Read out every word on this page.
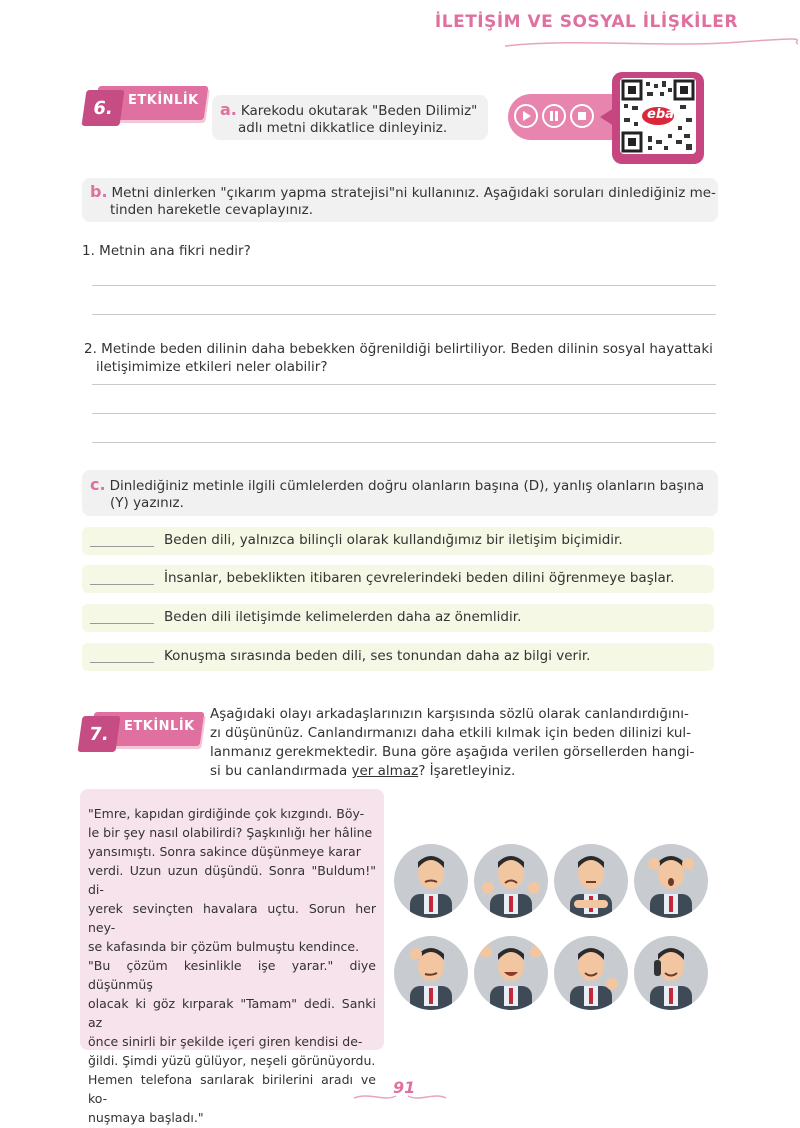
İLETİŞİM VE SOSYAL İLİŞKİLER
6.	ETKİNLİK a. Karekodu okutarak "Beden Dilimiz"
adlı metni dikkatlice dinleyiniz.
eba
b. Metni dinlerken "çıkarım yapma stratejisi"ni kullanınız. Aşağıdaki soruları dinlediğiniz me-
tinden hareketle cevaplayınız.
1. Metnin ana fikri nedir?
2. Metinde beden dilinin daha bebekken öğrenildiği belirtiliyor. Beden dilinin sosyal hayattaki
iletişimimize etkileri neler olabilir?
c. Dinlediğiniz metinle ilgili cümlelerden doğru olanların başına (D), yanlış olanların başına
(Y) yazınız.
Beden dili, yalnızca bilinçli olarak kullandığımız bir iletişim biçimidir.
İnsanlar, bebeklikten itibaren çevrelerindeki beden dilini öğrenmeye başlar.
Beden dili iletişimde kelimelerden daha az önemlidir.
Konuşma sırasında beden dili, ses tonundan daha az bilgi verir.
7.	ETKİNLİK
Aşağıdaki olayı arkadaşlarınızın karşısında sözlü olarak canlandırdığını-
zı düşününüz. Canlandırmanızı daha etkili kılmak için beden dilinizi kul-
lanmanız gerekmektedir. Buna göre aşağıda verilen görsellerden hangi-
si bu canlandırmada yer almaz? İşaretleyiniz.
"Emre, kapıdan girdiğinde çok kızgındı. Böy-
le bir şey nasıl olabilirdi? Şaşkınlığı her hâline
yansımıştı. Sonra sakince düşünmeye karar
verdi. Uzun uzun düşündü. Sonra "Buldum!" di-
yerek sevinçten havalara uçtu. Sorun her ney-
se kafasında bir çözüm bulmuştu kendince.
"Bu çözüm kesinlikle işe yarar." diye düşünmüş
olacak ki göz kırparak "Tamam" dedi. Sanki az
önce sinirli bir şekilde içeri giren kendisi de-
ğildi. Şimdi yüzü gülüyor, neşeli görünüyordu.
Hemen telefona sarılarak birilerini aradı ve ko-
nuşmaya başladı."
91
